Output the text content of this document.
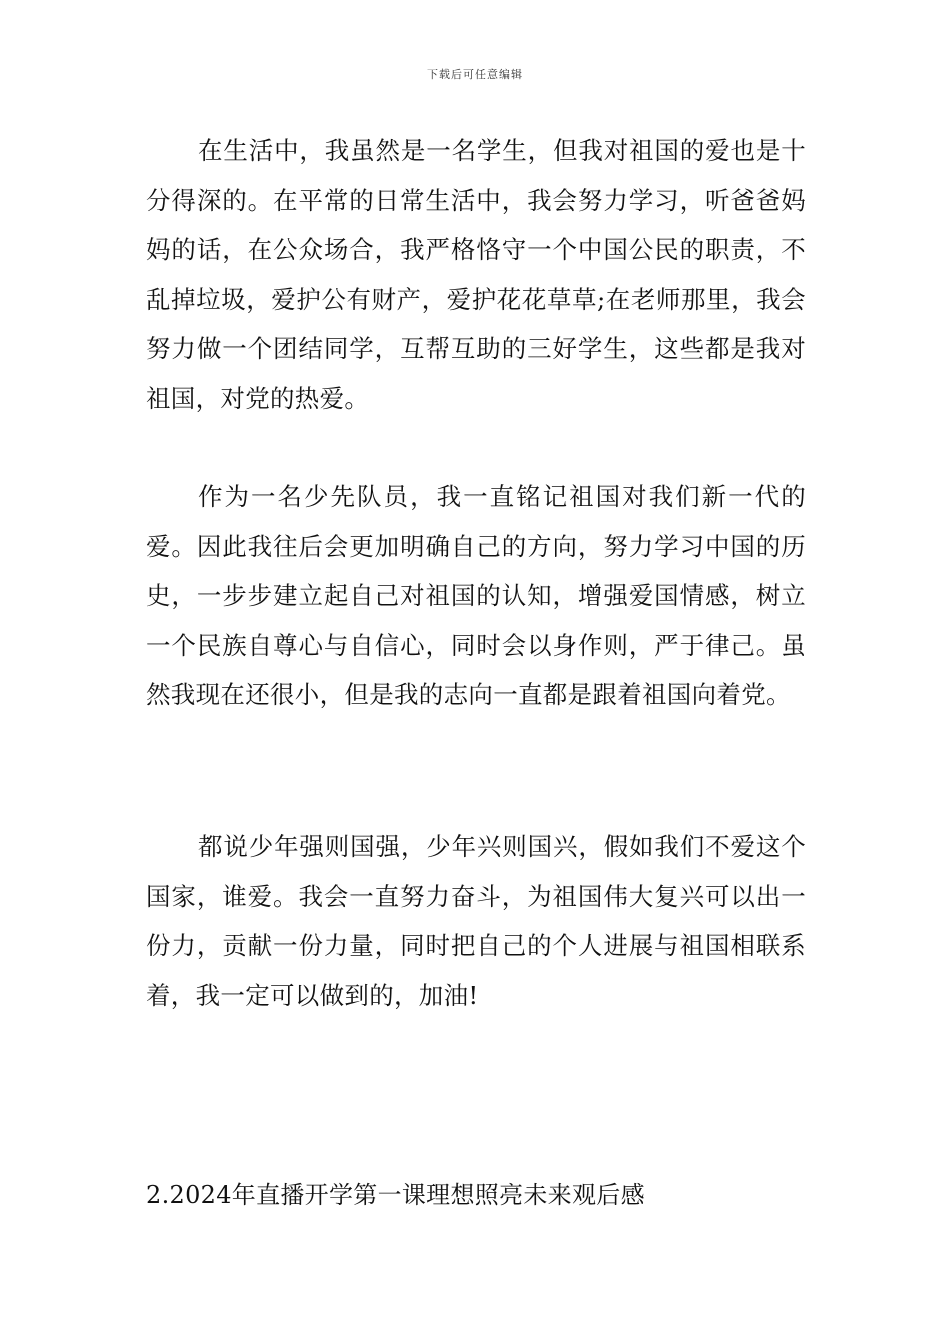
下载后可任意编辑

在生活中，我虽然是一名学生，但我对祖国的爱也是十分得深的。在平常的日常生活中，我会努力学习，听爸爸妈妈的话，在公众场合，我严格恪守一个中国公民的职责，不乱掉垃圾，爱护公有财产，爱护花花草草;在老师那里，我会努力做一个团结同学，互帮互助的三好学生，这些都是我对祖国，对党的热爱。

作为一名少先队员，我一直铭记祖国对我们新一代的爱。因此我往后会更加明确自己的方向，努力学习中国的历史，一步步建立起自己对祖国的认知，增强爱国情感，树立一个民族自尊心与自信心，同时会以身作则，严于律己。虽然我现在还很小，但是我的志向一直都是跟着祖国向着党。

都说少年强则国强，少年兴则国兴，假如我们不爱这个国家，谁爱。我会一直努力奋斗，为祖国伟大复兴可以出一份力，贡献一份力量，同时把自己的个人进展与祖国相联系着，我一定可以做到的，加油!

2.2024年直播开学第一课理想照亮未来观后感
